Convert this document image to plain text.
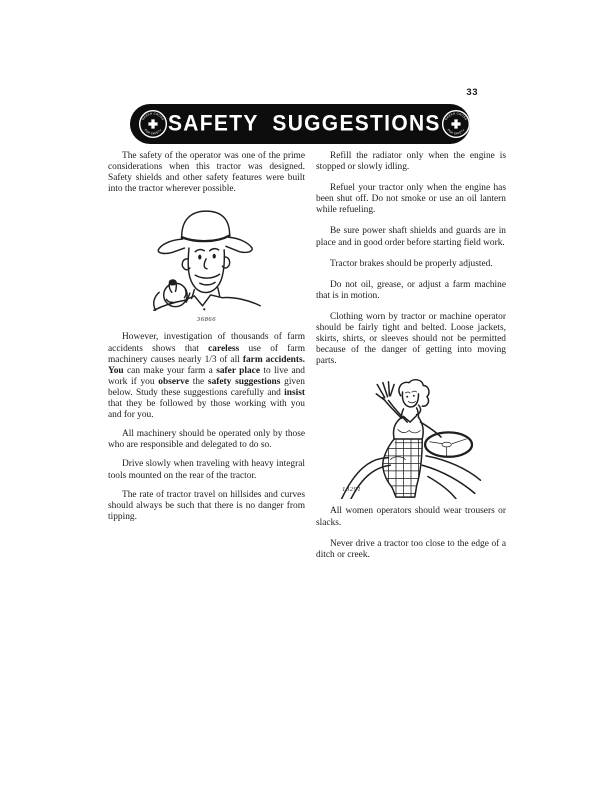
33
GREEN CROSS
FOR SAFETY SAFETY SUGGESTIONS GREEN CROSS
FOR SAFETY

The safety of the operator was one of the prime considerations when this tractor was designed. Safety shields and other safety features were built into the tractor wherever possible.

36866

However, investigation of thousands of farm accidents shows that careless use of farm machinery causes nearly 1/3 of all farm accidents. You can make your farm a safer place to live and work if you observe the safety suggestions given below. Study these suggestions carefully and insist that they be followed by those working with you and for you.

All machinery should be operated only by those who are responsible and delegated to do so.

Drive slowly when traveling with heavy integral tools mounted on the rear of the tractor.

The rate of tractor travel on hillsides and curves should always be such that there is no danger from tipping.

Refill the radiator only when the engine is stopped or slowly idling.

Refuel your tractor only when the engine has been shut off. Do not smoke or use an oil lantern while refueling.

Be sure power shaft shields and guards are in place and in good order before starting field work.

Tractor brakes should be properly adjusted.

Do not oil, grease, or adjust a farm machine that is in motion.

Clothing worn by tractor or machine operator should be fairly tight and belted. Loose jackets, skirts, shirts, or sleeves should not be permitted because of the danger of getting into moving parts.

18291

All women operators should wear trousers or slacks.

Never drive a tractor too close to the edge of a ditch or creek.
